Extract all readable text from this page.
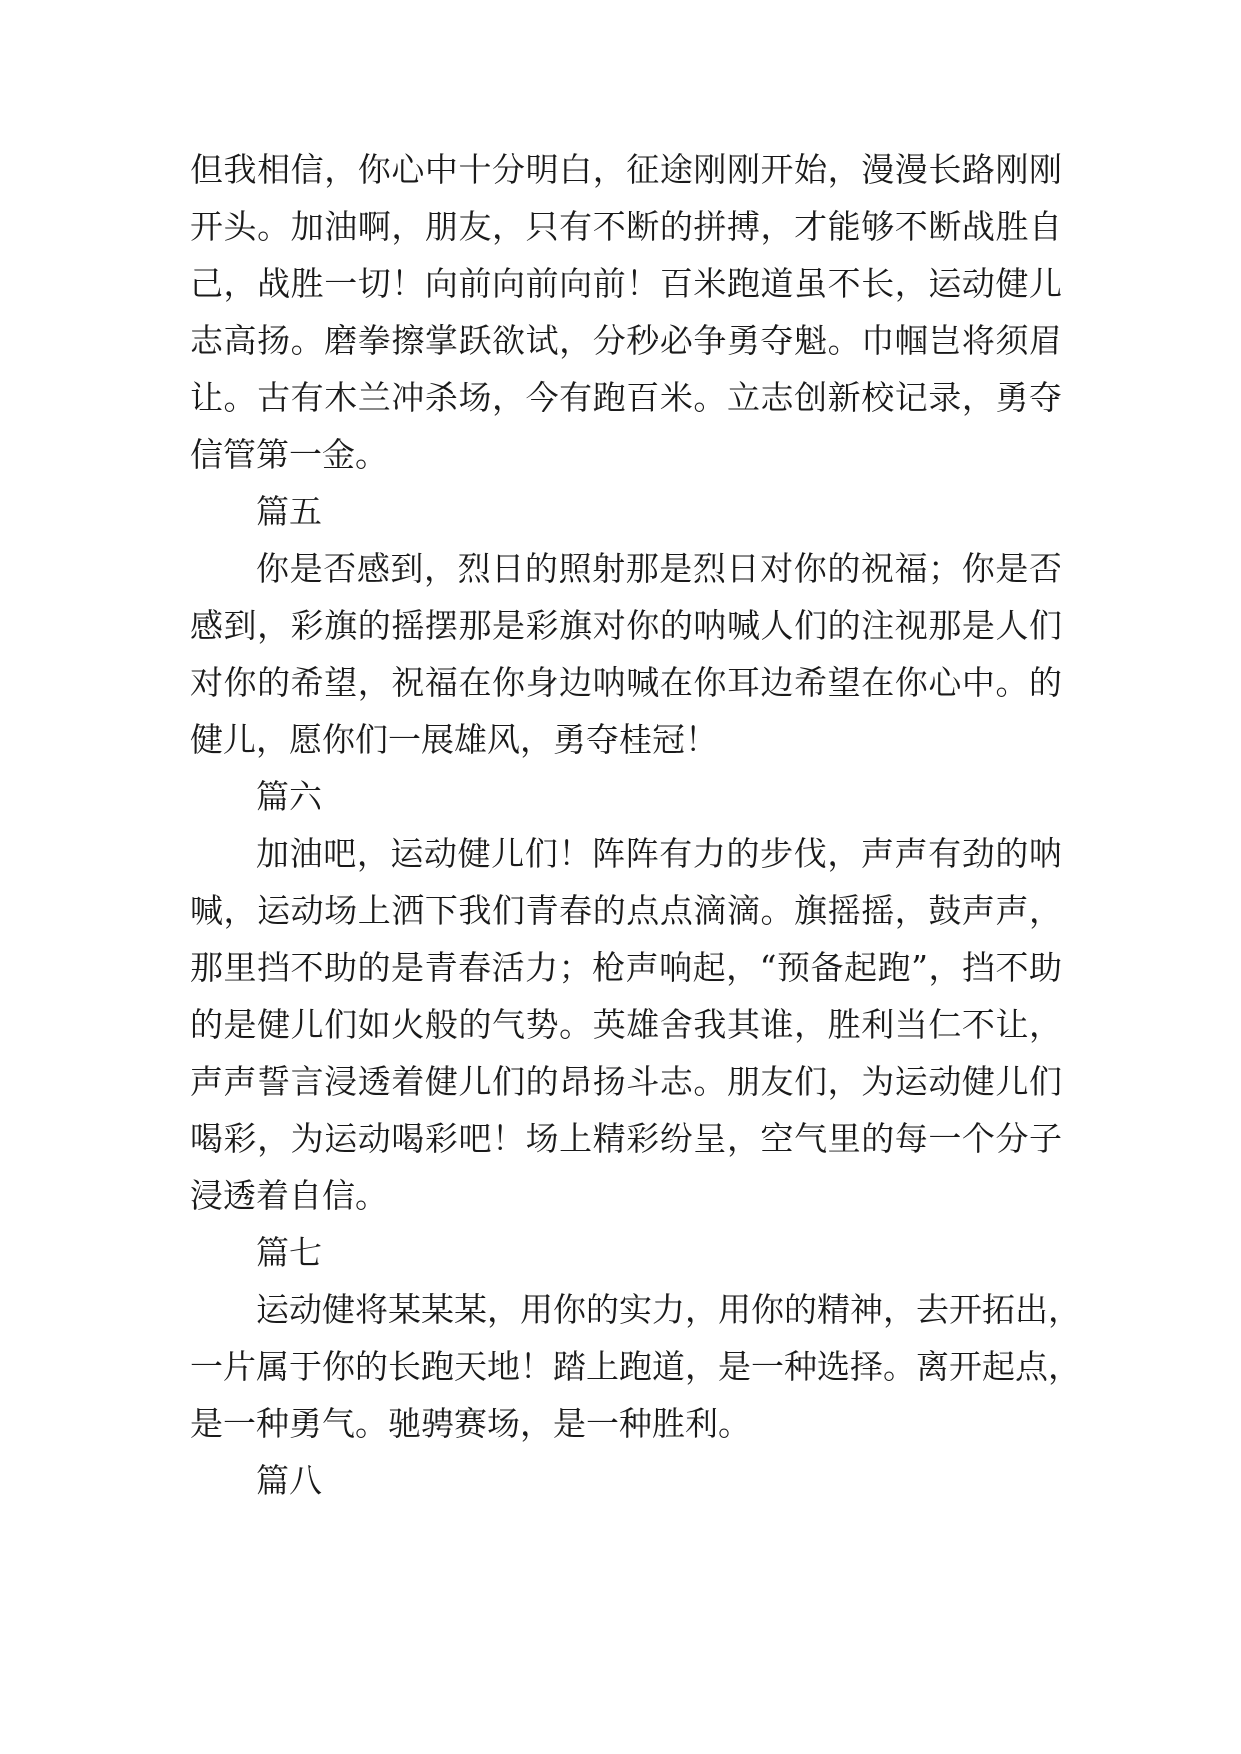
但我相信，你心中十分明白，征途刚刚开始，漫漫长路刚刚

开头。加油啊，朋友，只有不断的拼搏，才能够不断战胜自

己，战胜一切！向前向前向前！百米跑道虽不长，运动健儿

志高扬。磨拳擦掌跃欲试，分秒必争勇夺魁。巾帼岂将须眉

让。古有木兰冲杀场，今有跑百米。立志创新校记录，勇夺

信管第一金。

篇五

你是否感到，烈日的照射那是烈日对你的祝福；你是否

感到，彩旗的摇摆那是彩旗对你的呐喊人们的注视那是人们

对你的希望，祝福在你身边呐喊在你耳边希望在你心中。的

健儿，愿你们一展雄风，勇夺桂冠！

篇六

加油吧，运动健儿们！阵阵有力的步伐，声声有劲的呐

喊，运动场上洒下我们青春的点点滴滴。旗摇摇，鼓声声，

那里挡不助的是青春活力；枪声响起，“预备起跑”，挡不助

的是健儿们如火般的气势。英雄舍我其谁，胜利当仁不让，

声声誓言浸透着健儿们的昂扬斗志。朋友们，为运动健儿们

喝彩，为运动喝彩吧！场上精彩纷呈，空气里的每一个分子

浸透着自信。

篇七

运动健将某某某，用你的实力，用你的精神，去开拓出，

一片属于你的长跑天地！踏上跑道，是一种选择。离开起点，

是一种勇气。驰骋赛场，是一种胜利。

篇八
